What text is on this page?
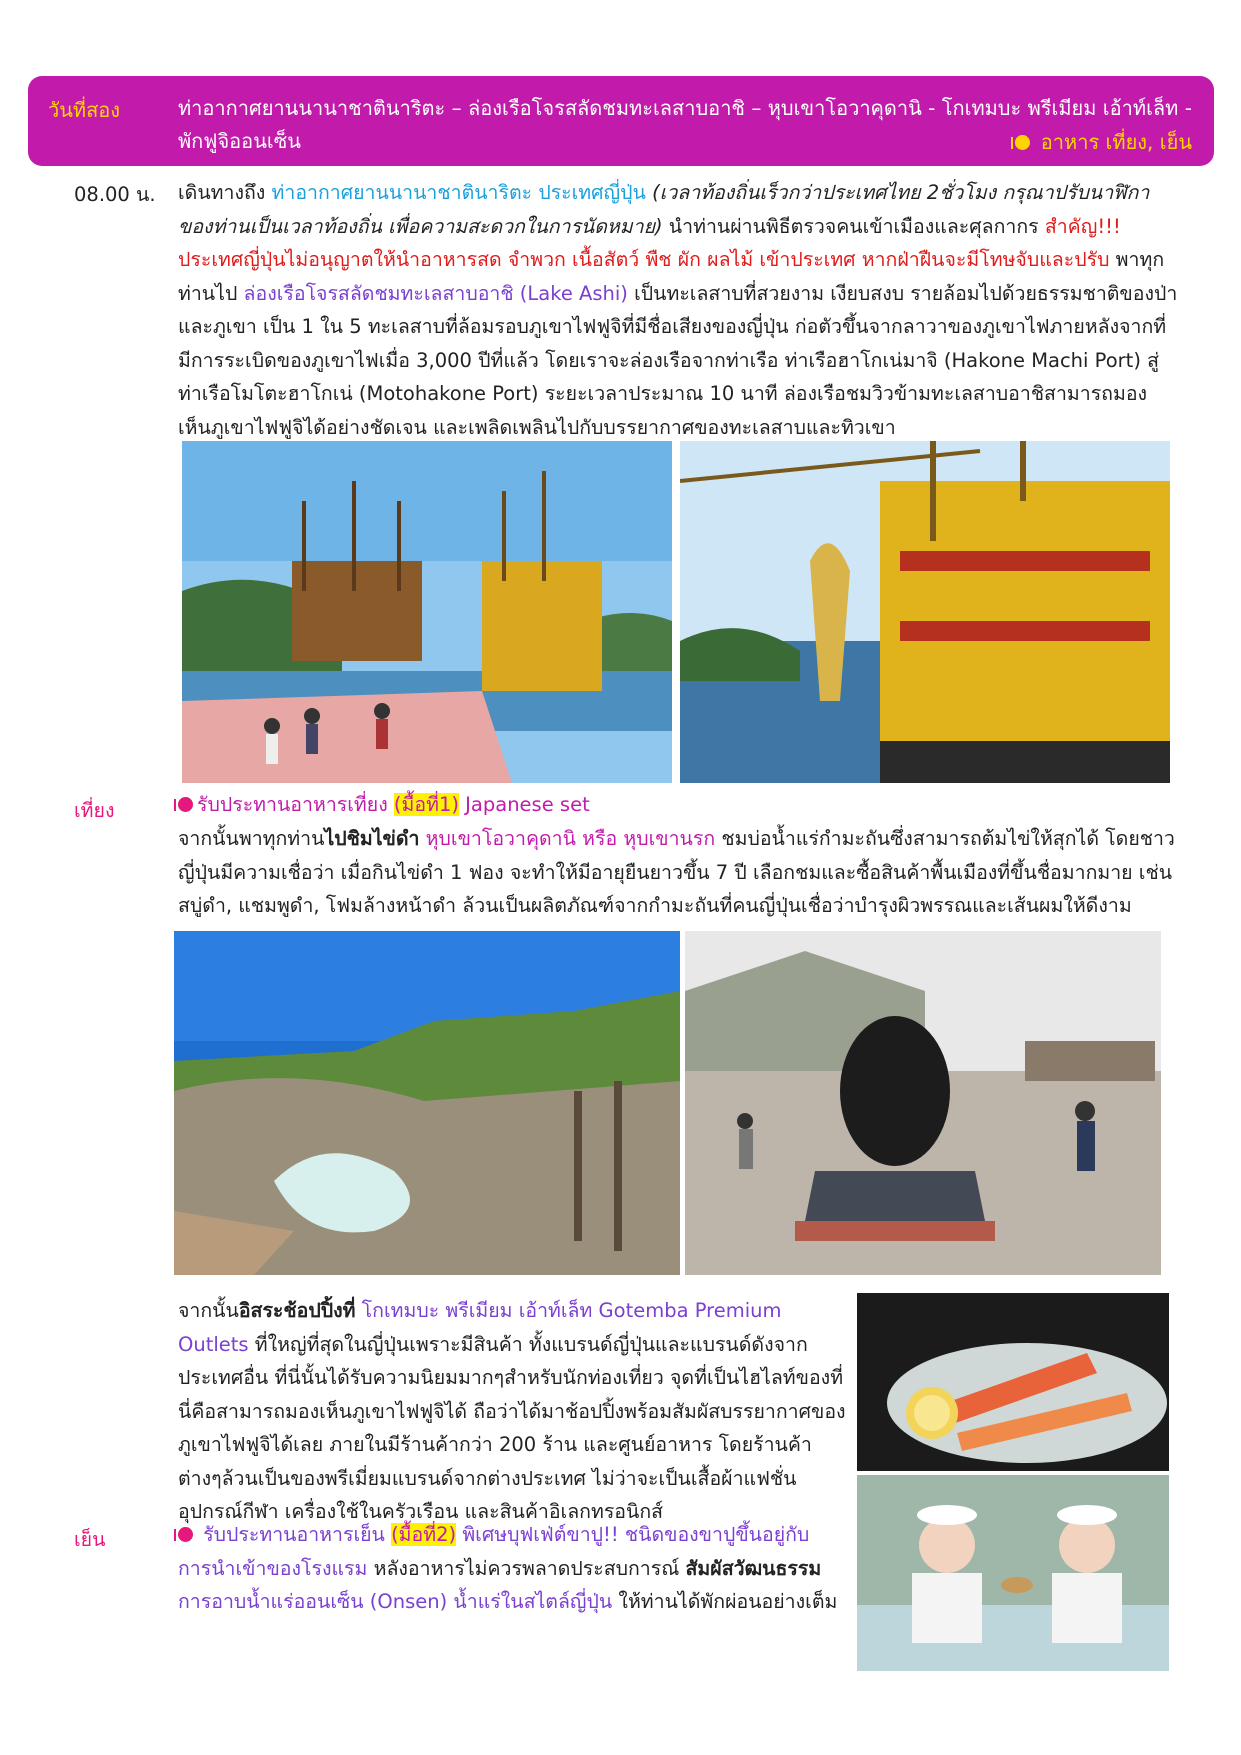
วันที่สอง	ท่าอากาศยานนานาชาตินาริตะ – ล่องเรือโจรสลัดชมทะเลสาบอาชิ – หุบเขาโอวาคุดานิ - โกเทมบะ พรีเมียม เอ้าท์เล็ท - พักฟูจิออนเซ็น	อาหาร เที่ยง, เย็น
08.00 น. เดินทางถึง ท่าอากาศยานนานาชาตินาริตะ ประเทศญี่ปุ่น (เวลาท้องถิ่นเร็วกว่าประเทศไทย 2ชั่วโมง กรุณาปรับนาฬิกาของท่านเป็นเวลาท้องถิ่น เพื่อความสะดวกในการนัดหมาย) นำท่านผ่านพิธีตรวจคนเข้าเมืองและศุลกากร สำคัญ!!! ประเทศญี่ปุ่นไม่อนุญาตให้นำอาหารสด จำพวก เนื้อสัตว์ พืช ผัก ผลไม้ เข้าประเทศ หากฝ่าฝืนจะมีโทษจับและปรับ พาทุกท่านไป ล่องเรือโจรสลัดชมทะเลสาบอาชิ (Lake Ashi) เป็นทะเลสาบที่สวยงาม เงียบสงบ รายล้อมไปด้วยธรรมชาติของป่าและภูเขา เป็น 1 ใน 5 ทะเลสาบที่ล้อมรอบภูเขาไฟฟูจิที่มีชื่อเสียงของญี่ปุ่น ก่อตัวขึ้นจากลาวาของภูเขาไฟภายหลังจากที่มีการระเบิดของภูเขาไฟเมื่อ 3,000 ปีที่แล้ว โดยเราจะล่องเรือจากท่าเรือ ท่าเรือฮาโกเน่มาจิ (Hakone Machi Port) สู่ ท่าเรือโมโตะฮาโกเน่ (Motohakone Port) ระยะเวลาประมาณ 10 นาที ล่องเรือชมวิวข้ามทะเลสาบอาชิสามารถมองเห็นภูเขาไฟฟูจิได้อย่างชัดเจน และเพลิดเพลินไปกับบรรยากาศของทะเลสาบและทิวเขา
เที่ยง	รับประทานอาหารเที่ยง (มื้อที่1) Japanese set
จากนั้นพาทุกท่านไปชิมไข่ดำ หุบเขาโอวาคุดานิ หรือ หุบเขานรก ชมบ่อน้ำแร่กำมะถันซึ่งสามารถต้มไข่ให้สุกได้ โดยชาวญี่ปุ่นมีความเชื่อว่า เมื่อกินไข่ดำ 1 ฟอง จะทำให้มีอายุยืนยาวขึ้น 7 ปี เลือกชมและซื้อสินค้าพื้นเมืองที่ขึ้นชื่อมากมาย เช่น สบู่ดำ, แชมพูดำ, โฟมล้างหน้าดำ ล้วนเป็นผลิตภัณฑ์จากกำมะถันที่คนญี่ปุ่นเชื่อว่าบำรุงผิวพรรณและเส้นผมให้ดีงาม
จากนั้นอิสระช้อปปิ้งที่ โกเทมบะ พรีเมียม เอ้าท์เล็ท Gotemba Premium Outlets ที่ใหญ่ที่สุดในญี่ปุ่นเพราะมีสินค้า ทั้งแบรนด์ญี่ปุ่นและแบรนด์ดังจากประเทศอื่น ที่นี่นั้นได้รับความนิยมมากๆสำหรับนักท่องเที่ยว จุดที่เป็นไฮไลท์ของที่นี่คือสามารถมองเห็นภูเขาไฟฟูจิได้ ถือว่าได้มาช้อปปิ้งพร้อมสัมผัสบรรยากาศของภูเขาไฟฟูจิได้เลย ภายในมีร้านค้ากว่า 200 ร้าน และศูนย์อาหาร โดยร้านค้าต่างๆล้วนเป็นของพรีเมี่ยมแบรนด์จากต่างประเทศ ไม่ว่าจะเป็นเสื้อผ้าแฟชั่น อุปกรณ์กีฬา เครื่องใช้ในครัวเรือน และสินค้าอิเลกทรอนิกส์
เย็น	รับประทานอาหารเย็น (มื้อที่2) พิเศษบุฟเฟ่ต์ขาปู!! ชนิดของขาปูขึ้นอยู่กับการนำเข้าของโรงแรม หลังอาหารไม่ควรพลาดประสบการณ์ สัมผัสวัฒนธรรมการอาบน้ำแร่ออนเซ็น (Onsen) น้ำแร่ในสไตล์ญี่ปุ่น ให้ท่านได้พักผ่อนอย่างเต็ม
